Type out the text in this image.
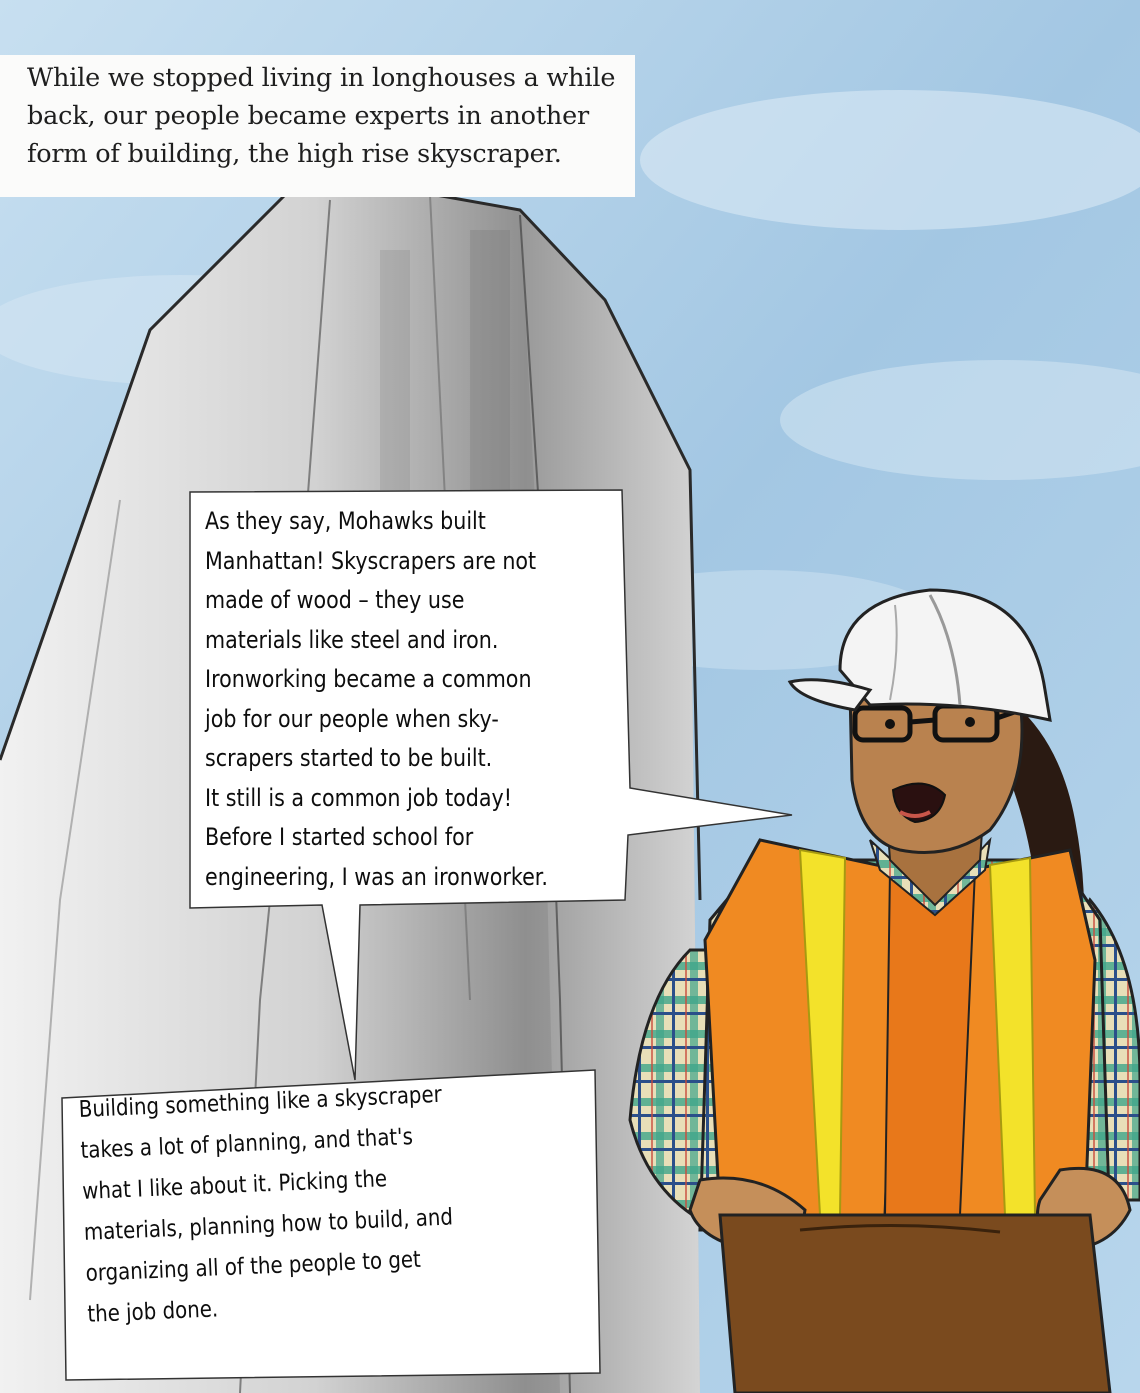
While we stopped living in longhouses a while
back, our people became experts in another
form of building, the high rise skyscraper.
As they say, Mohawks built
Manhattan! Skyscrapers are not
made of wood – they use
materials like steel and iron.
Ironworking became a common
job for our people when sky-
scrapers started to be built.
It still is a common job today!
Before I started school for
engineering, I was an ironworker.
Building something like a skyscraper
takes a lot of planning, and that's
what I like about it. Picking the
materials, planning how to build, and
organizing all of the people to get
the job done.
